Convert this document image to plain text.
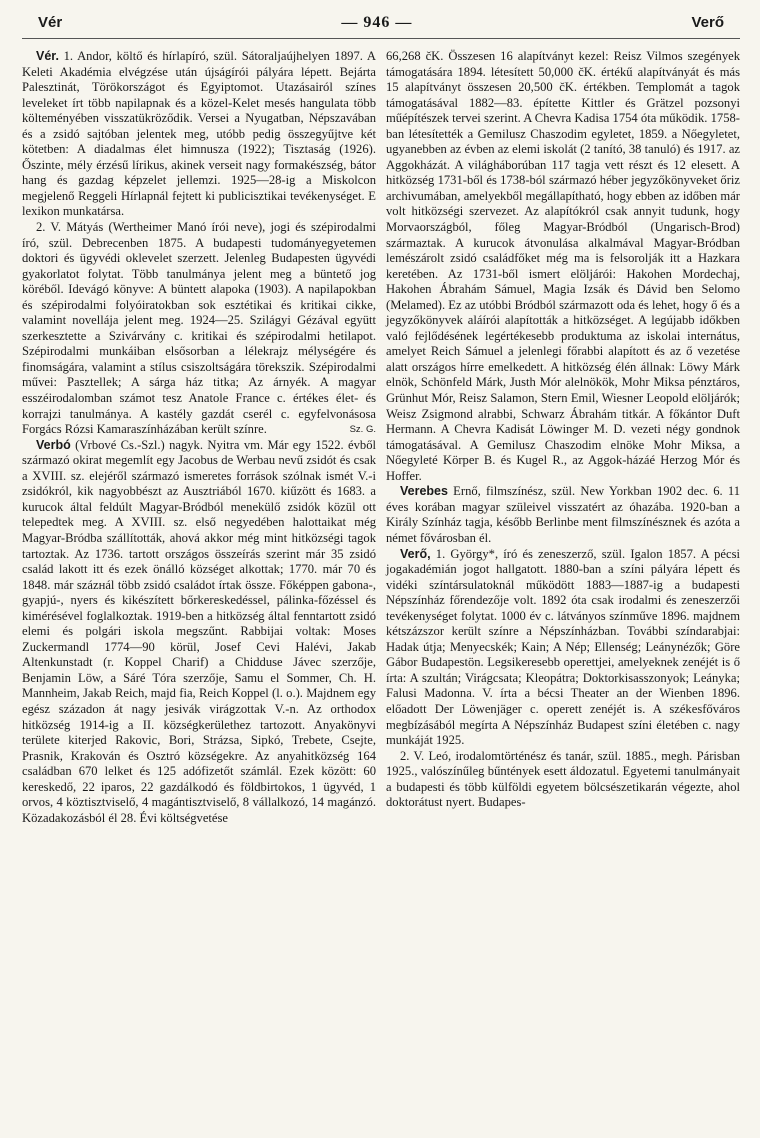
Vér	— 946 —	Verő

Vér. 1. Andor, költő és hírlapíró, szül. Sátoraljaújhelyen 1897. A Keleti Akadémia elvégzése után újságírói pályára lépett. Bejárta Palesztinát, Törökországot és Egyiptomot. Utazásairól színes leveleket írt több napilapnak és a közel-Kelet mesés hangulata több költeményében visszatükröződik. Versei a Nyugatban, Népszavában és a zsidó sajtóban jelentek meg, utóbb pedig összegyűjtve két kötetben: A diadalmas élet himnusza (1922); Tisztaság (1926). Őszinte, mély érzésű lírikus, akinek verseit nagy formakészség, bátor hang és gazdag képzelet jellemzi. 1925—28-ig a Miskolcon megjelenő Reggeli Hírlapnál fejtett ki publicisztikai tevékenységet. E lexikon munkatársa.

2. V. Mátyás (Wertheimer Manó írói neve), jogi és szépirodalmi író, szül. Debrecenben 1875. A budapesti tudományegyetemen doktori és ügyvédi oklevelet szerzett. Jelenleg Budapesten ügyvédi gyakorlatot folytat. Több tanulmánya jelent meg a büntető jog köréből. Idevágó könyve: A büntett alapoka (1903). A napilapokban és szépirodalmi folyóiratokban sok esztétikai és kritikai cikke, valamint novellája jelent meg. 1924—25. Szilágyi Gézával együtt szerkesztette a Szivárvány c. kritikai és szépirodalmi hetilapot. Szépirodalmi munkáiban elsősorban a lélekrajz mélységére és finomságára, valamint a stílus csiszoltságára törekszik. Szépirodalmi művei: Pasztellek; A sárga ház titka; Az árnyék. A magyar esszéirodalomban számot tesz Anatole France c. értékes élet- és korrajzi tanulmánya. A kastély gazdát cserél c. egyfelvonásosa Forgács Rózsi Kamaraszínházában került színre.	Sz. G.

Verbó (Vrbové Cs.-Szl.) nagyk. Nyitra vm. Már egy 1522. évből származó okirat megemlít egy Jacobus de Werbau nevű zsidót és csak a XVIII. sz. elejéről származó ismeretes források szólnak ismét V.-i zsidókról, kik nagyobbészt az Ausztriából 1670. kiűzött és 1683. a kurucok által feldúlt Magyar-Bródból menekülő zsidók közül ott telepedtek meg. A XVIII. sz. első negyedében halottaikat még Magyar-Bródba szállították, ahová akkor még mint hitközségi tagok tartoztak. Az 1736. tartott országos összeírás szerint már 35 zsidó család lakott itt és ezek önálló községet alkottak; 1770. már 70 és 1848. már százнál több zsidó családot írtak össze. Főképpen gabona-, gyapjú-, nyers és kikészített bőrkereskedéssel, pálinka-főzéssel és kimérésével foglalkoztak. 1919-ben a hitközség által fenntartott zsidó elemi és polgári iskola megszűnt. Rabbijai voltak: Moses Zuckermandl 1774—90 körül, Josef Cevi Halévi, Jakab Altenkunstadt (r. Koppel Charif) a Chidduse Jávec szerzője, Benjamin Löw, a Sáré Tóra szerzője, Samu el Sommer, Ch. H. Mannheim, Jakab Reich, majd fia, Reich Koppel (l. o.). Majdnem egy egész századon át nagy jesivák virágzottak V.-n. Az orthodox hitközség 1914-ig a II. községkerülethez tartozott. Anyakönyvi területe kiterjed Rakovic, Bori, Strázsa, Sipkó, Trebete, Csejte, Prasnik, Krakován és Osztró községekre. Az anyahitközség 164 családban 670 lelket és 125 adófizetőt számlál. Ezek között: 60 kereskedő, 22 iparos, 22 gazdálkodó és földbirtokos, 1 ügyvéd, 1 orvos, 4 köztisztviselő, 4 magántisztviselő, 8 vállalkozó, 14 magánzó. Közadakozásból él 28. Évi költségvetése

66,268 čK. Összesen 16 alapítványt kezel: Reisz Vilmos szegények támogatására 1894. létesített 50,000 čK. értékű alapítványát és más 15 alapítványt összesen 20,500 čK. értékben. Templomát a tagok támogatásával 1882—83. építette Kittler és Grätzel pozsonyi műépítészek tervei szerint. A Chevra Kadisa 1754 óta működik. 1758-ban létesítették a Gemilusz Chaszodim egyletet, 1859. a Nőegyletet, ugyanebben az évben az elemi iskolát (2 tanító, 38 tanuló) és 1917. az Aggokházát. A világháborúban 117 tagja vett részt és 12 elesett. A hitközség 1731-ből és 1738-ból származó héber jegyzőkönyveket őriz archivumában, amelyekből megállapítható, hogy ebben az időben már volt hitközségi szervezet. Az alapítókról csak annyit tudunk, hogy Morvaországból, főleg Magyar-Bródból (Ungarisch-Brod) származtak. A kurucok átvonulása alkalmával Magyar-Bródban lemészárolt zsidó családfőket még ma is felsorolják itt a Hazkara keretében. Az 1731-ből ismert elöljárói: Hakohen Mordechaj, Hakohen Ábrahám Sámuel, Magia Izsák és Dávid ben Selomo (Melamed). Ez az utóbbi Bródból származott oda és lehet, hogy ő és a jegyzőkönyvek aláírói alapították a hitközséget. A legújabb időkben való fejlődésének legértékesebb produktuma az iskolai internátus, amelyet Reich Sámuel a jelenlegi főrabbi alapított és az ő vezetése alatt országos hírre emelkedett. A hitközség élén állnak: Löwy Márk elnök, Schönfeld Márk, Justh Mór alelnökök, Mohr Miksa pénztáros, Grünhut Mór, Reisz Salamon, Stern Emil, Wiesner Leopold elöljárók; Weisz Zsigmond alrabbi, Schwarz Ábrahám titkár. A főkántor Duft Hermann. A Chevra Kadisát Löwinger M. D. vezeti négy gondnok támogatásával. A Gemilusz Chaszodim elnöke Mohr Miksa, a Nőegyleté Körper B. és Kugel R., az Aggok-házáé Herzog Mór és Hoffer.

Verebes Ernő, filmszínész, szül. New Yorkban 1902 dec. 6. 11 éves korában magyar szüleivel visszatért az óhazába. 1920-ban a Király Színház tagja, később Berlinbe ment filmszínésznek és azóta a német fővárosban él.

Verő, 1. György*, író és zeneszerző, szül. Igalon 1857. A pécsi jogakadémián jogot hallgatott. 1880-ban a színi pályára lépett és vidéki színtársulatoknál működött 1883—1887-ig a budapesti Népszínház főrendezője volt. 1892 óta csak irodalmi és zeneszerzői tevékenységet folytat. 1000 év c. látványos színműve 1896. majdnem kétszázszor került színre a Népszínházban. További színdarabjai: Hadak útja; Menyecskék; Kain; A Nép; Ellenség; Leánynézők; Göre Gábor Budapestön. Legsikeresebb operettjei, amelyeknek zenéjét is ő írta: A szultán; Virágcsata; Kleopátra; Doktorkisasszonyok; Leányka; Falusi Madonna. V. írta a bécsi Theater an der Wienben 1896. előadott Der Löwenjäger c. operett zenéjét is. A székesfőváros megbízásából megírta A Népszínház Budapest színi életében c. nagy munkáját 1925.

2. V. Leó, irodalomtörténész és tanár, szül. 1885., megh. Párisban 1925., valószínűleg bűntények esett áldozatul. Egyetemi tanulmányait a budapesti és több külföldi egyetem bölcsészetikarán végezte, ahol doktorátust nyert. Budapes-
